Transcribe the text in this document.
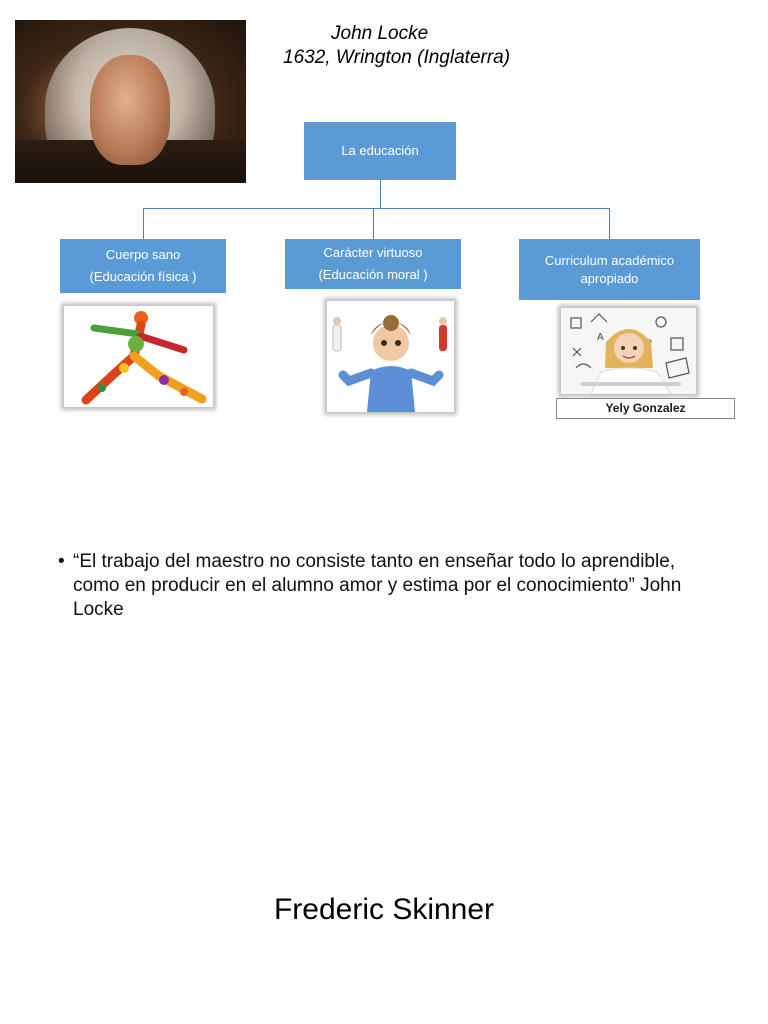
John Locke
1632, Wrington (Inglaterra)
La educación
Cuerpo sano
(Educación física )
Carácter virtuoso
(Educación moral )
Curriculum académico
apropiado
A
Yely Gonzalez
• “El trabajo del maestro no consiste tanto en enseñar todo lo aprendible, como en producir en el alumno amor y estima por el conocimiento” John Locke
Frederic Skinner
